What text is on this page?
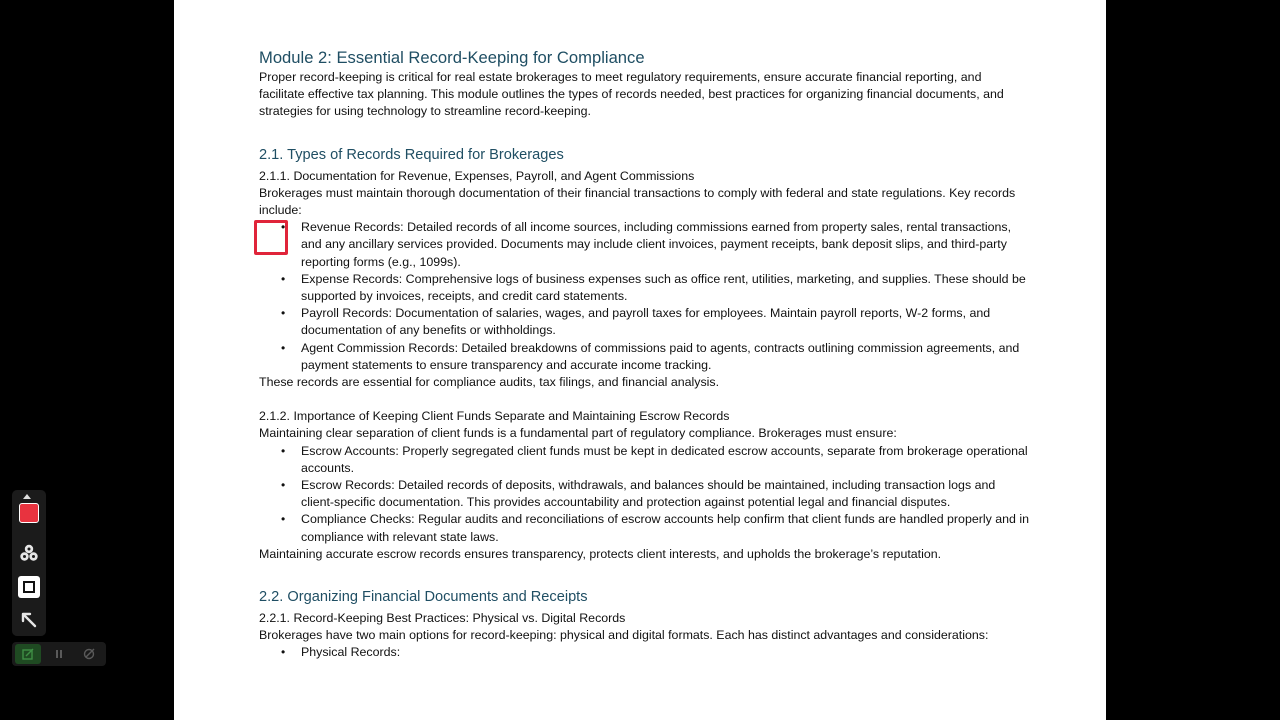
Module 2: Essential Record-Keeping for Compliance

Proper record-keeping is critical for real estate brokerages to meet regulatory requirements, ensure accurate financial reporting, and facilitate effective tax planning. This module outlines the types of records needed, best practices for organizing financial documents, and strategies for using technology to streamline record-keeping.

2.1. Types of Records Required for Brokerages
2.1.1. Documentation for Revenue, Expenses, Payroll, and Agent Commissions

Brokerages must maintain thorough documentation of their financial transactions to comply with federal and state regulations. Key records include:

• Revenue Records: Detailed records of all income sources, including commissions earned from property sales, rental transactions, and any ancillary services provided. Documents may include client invoices, payment receipts, bank deposit slips, and third-party reporting forms (e.g., 1099s).
• Expense Records: Comprehensive logs of business expenses such as office rent, utilities, marketing, and supplies. These should be supported by invoices, receipts, and credit card statements.
• Payroll Records: Documentation of salaries, wages, and payroll taxes for employees. Maintain payroll reports, W-2 forms, and documentation of any benefits or withholdings.
• Agent Commission Records: Detailed breakdowns of commissions paid to agents, contracts outlining commission agreements, and payment statements to ensure transparency and accurate income tracking.

These records are essential for compliance audits, tax filings, and financial analysis.

2.1.2. Importance of Keeping Client Funds Separate and Maintaining Escrow Records

Maintaining clear separation of client funds is a fundamental part of regulatory compliance. Brokerages must ensure:

• Escrow Accounts: Properly segregated client funds must be kept in dedicated escrow accounts, separate from brokerage operational accounts.
• Escrow Records: Detailed records of deposits, withdrawals, and balances should be maintained, including transaction logs and client-specific documentation. This provides accountability and protection against potential legal and financial disputes.
• Compliance Checks: Regular audits and reconciliations of escrow accounts help confirm that client funds are handled properly and in compliance with relevant state laws.

Maintaining accurate escrow records ensures transparency, protects client interests, and upholds the brokerage’s reputation.

2.2. Organizing Financial Documents and Receipts
2.2.1. Record-Keeping Best Practices: Physical vs. Digital Records

Brokerages have two main options for record-keeping: physical and digital formats. Each has distinct advantages and considerations:

• Physical Records:
